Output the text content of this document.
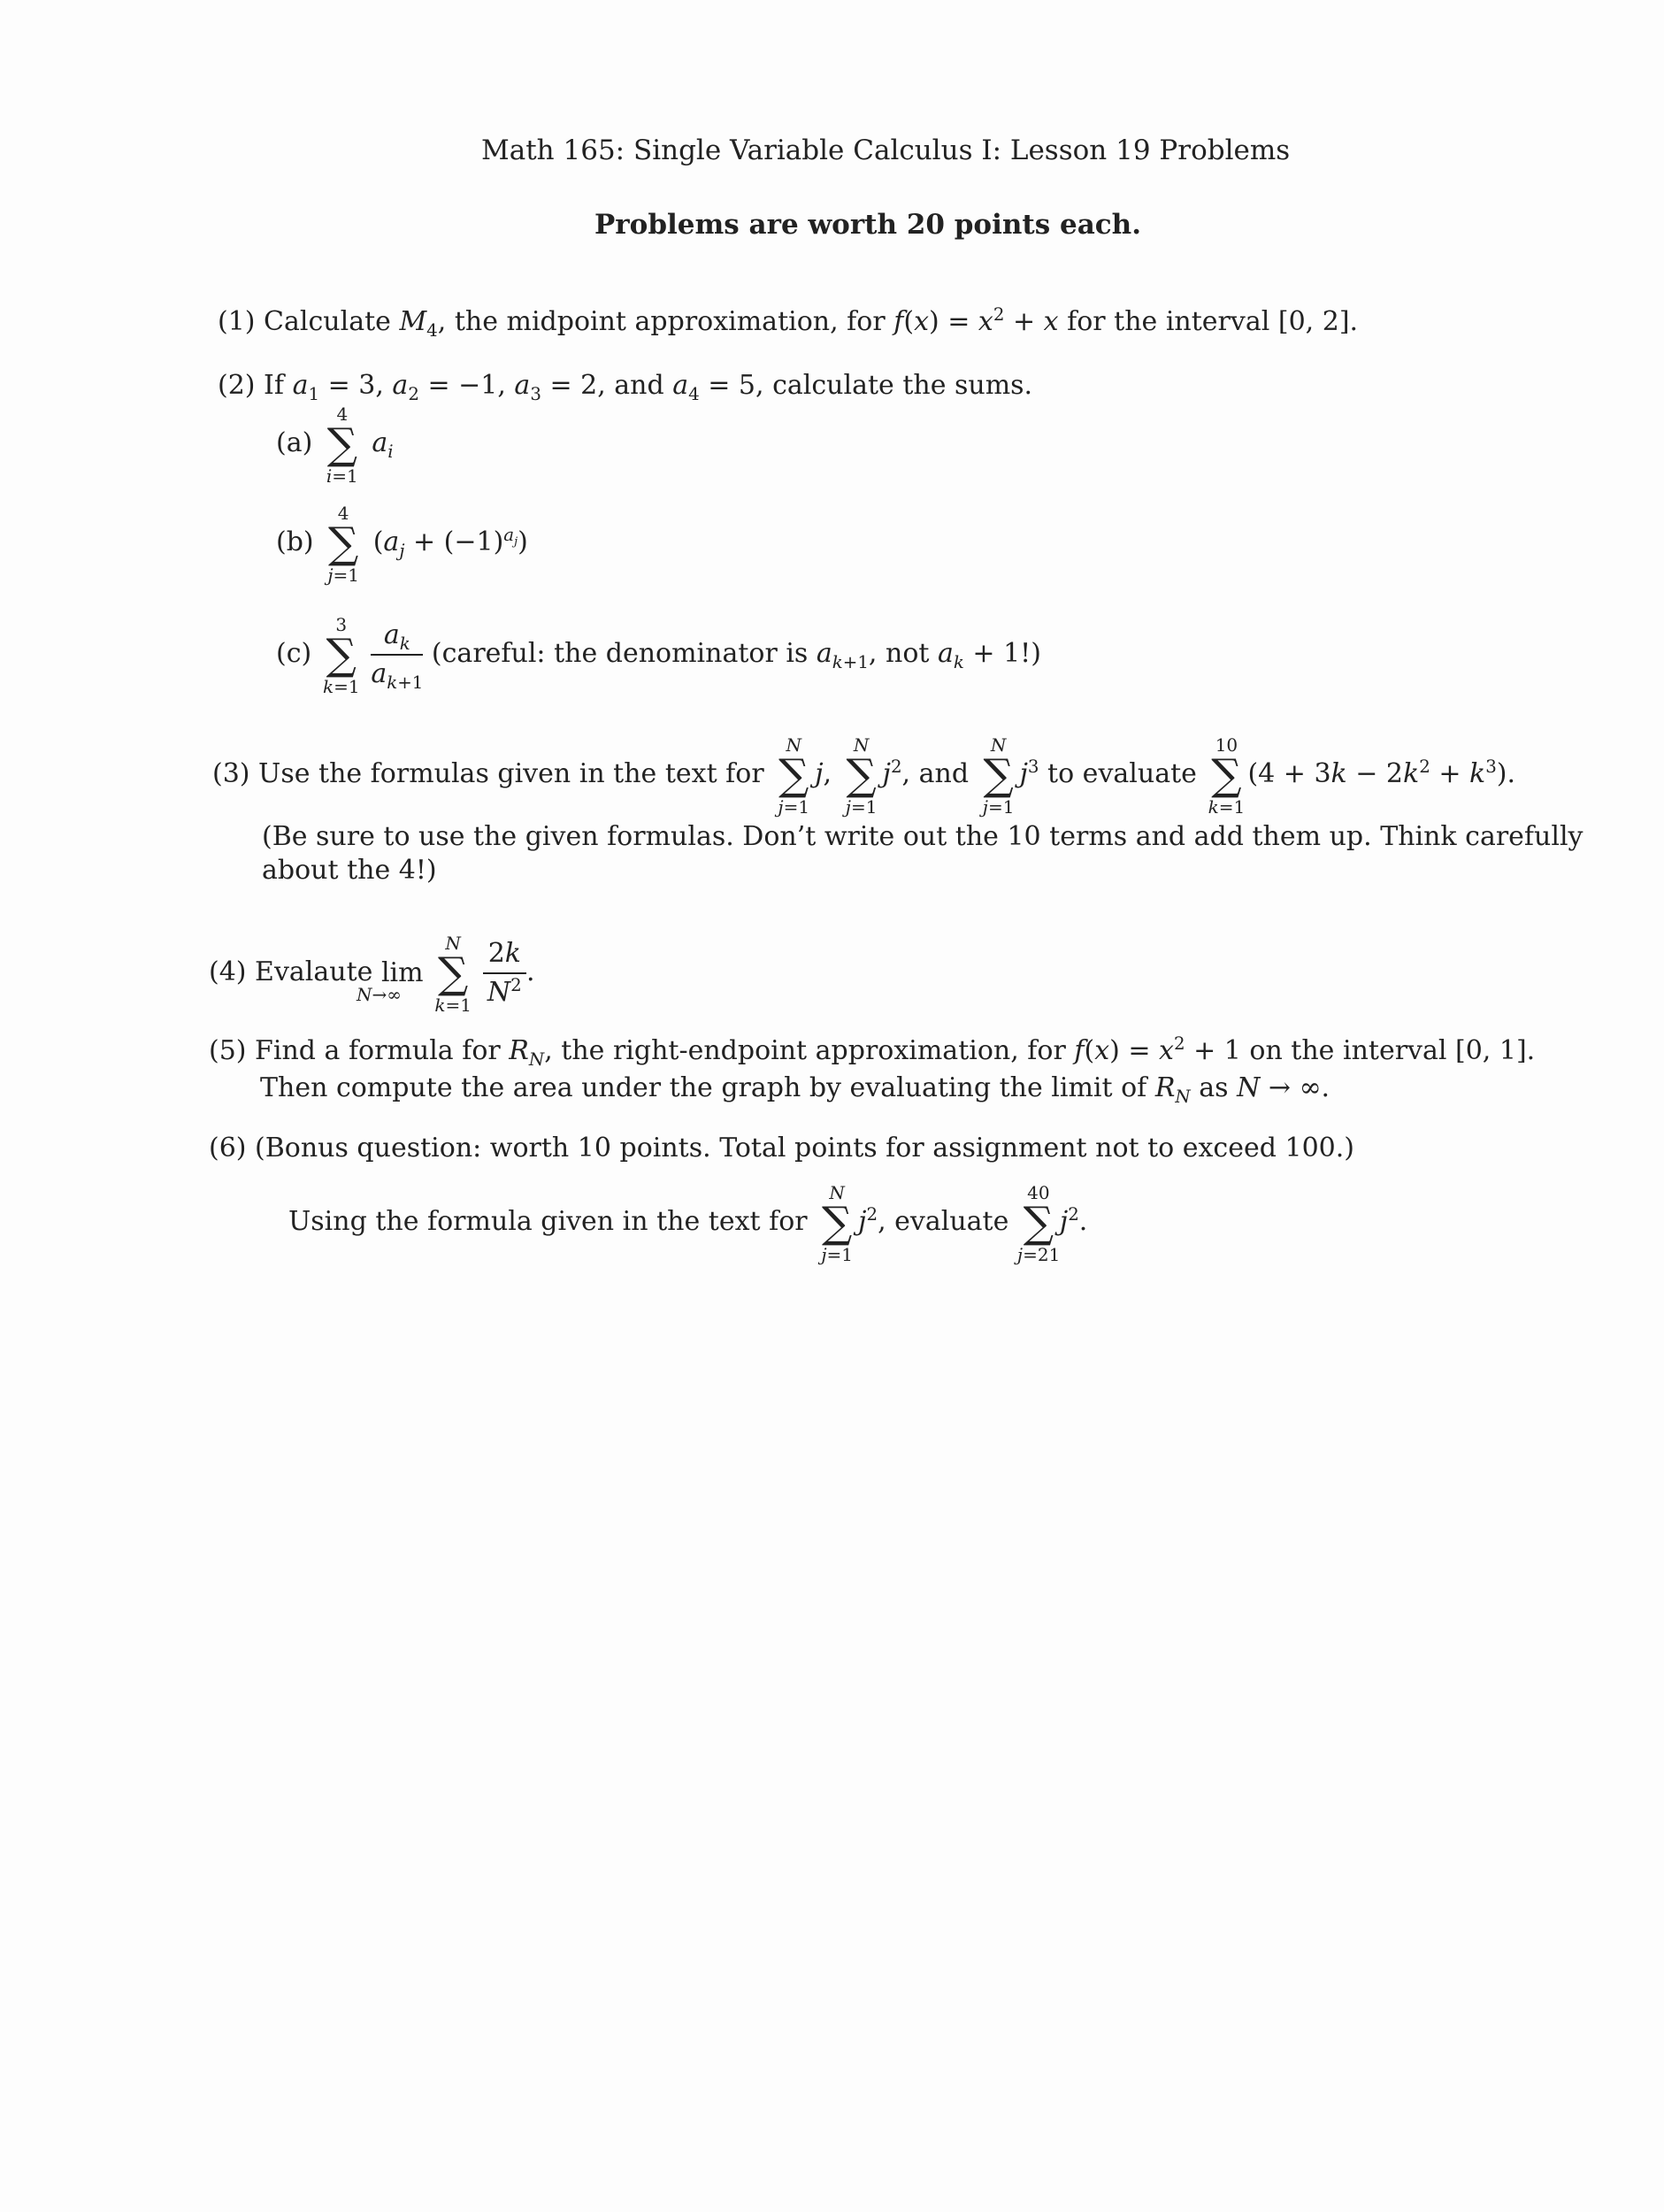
Math 165: Single Variable Calculus I: Lesson 19 Problems
Problems are worth 20 points each.
(1) Calculate $M_4$, the midpoint approximation, for $f(x) = x^2 + x$ for the interval [0, 2].
(2) If $a_1 = 3$, $a_2 = -1$, $a_3 = 2$, and $a_4 = 5$, calculate the sums.
(a)
4
∑
i=1
$a_i$
(b)
4
∑
j=1
$(a_j + (-1)^{a_j})$
(c)
3
∑
k=1
$\frac{a_k}{a_{k+1}}$ (careful: the denominator is $a_{k+1}$, not $a_k + 1$!)
(3) Use the formulas given in the text for
N
∑
j=1
j,
N
∑
j=1
$j^2$, and
N
∑
j=1
$j^3$ to evaluate
10
∑
k=1
$(4 + 3k - 2k^2 + k^3)$.
(Be sure to use the given formulas. Don’t write out the 10 terms and add them up. Think carefully
about the 4!)
(4) Evalaute lim
N→∞

N
∑
k=1
$\frac{2k}{N^2}$ .
(5) Find a formula for $R_N$, the right-endpoint approximation, for $f(x) = x^2 + 1$ on the interval [0, 1].
Then compute the area under the graph by evaluating the limit of $R_N$ as N → ∞.
(6) (Bonus question: worth 10 points. Total points for assignment not to exceed 100.)
Using the formula given in the text for
N
∑
j=1
$j^2$, evaluate
40
∑
j=21
$j^2$.
